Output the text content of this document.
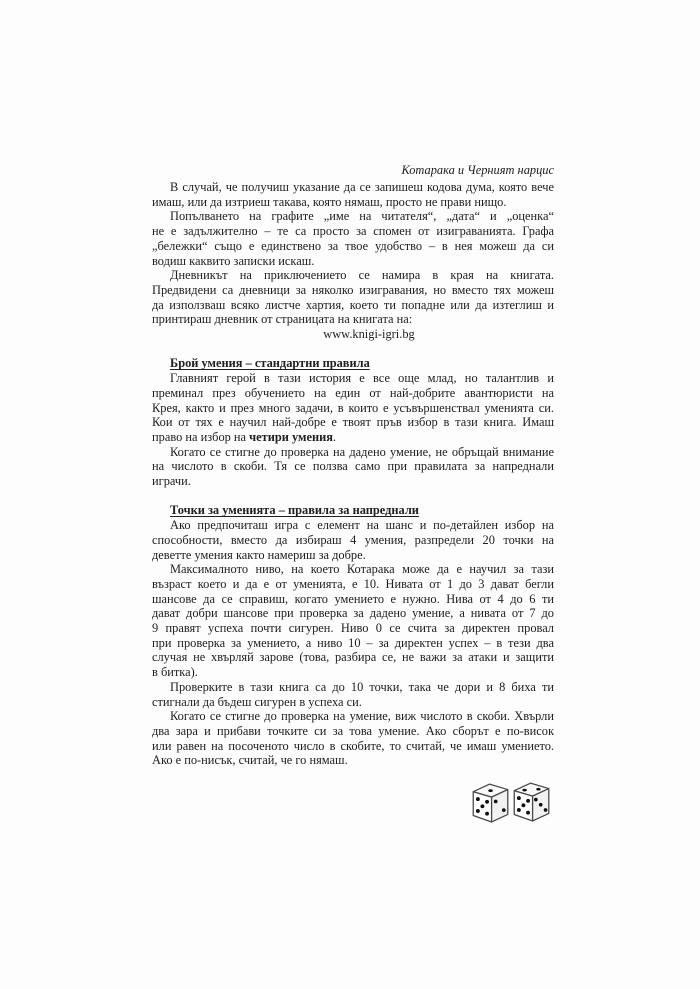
Котарака и Черният нарцис
В случай, че получиш указание да се запишеш кодова дума, която вече
имаш, или да изтриеш такава, която нямаш, просто не прави нищо.
Попълването на графите „име на читателя“, „дата“ и „оценка“
не е задължително – те са просто за спомен от изиграванията. Графа
„бележки“ също е единствено за твое удобство – в нея можеш да си
водиш каквито записки искаш.
Дневникът на приключението се намира в края на книгата.
Предвидени са дневници за няколко изигравания, но вместо тях можеш
да използваш всяко листче хартия, което ти попадне или да изтеглиш и
принтираш дневник от страницата на книгата на:
www.knigi-igri.bg
Брой умения – стандартни правила
Главният герой в тази история е все още млад, но талантлив и
преминал през обучението на един от най-добрите авантюристи на
Крея, както и през много задачи, в които е усъвършенствал уменията си.
Кои от тях е научил най-добре е твоят пръв избор в тази книга. Имаш
право на избор на четири умения.
Когато се стигне до проверка на дадено умение, не обръщай внимание
на числото в скоби. Тя се ползва само при правилата за напреднали
играчи.
Точки за уменията – правила за напреднали
Ако предпочиташ игра с елемент на шанс и по-детайлен избор на
способности, вместо да избираш 4 умения, разпредели 20 точки на
деветте умения както намериш за добре.
Максималното ниво, на което Котарака може да е научил за тази
възраст което и да е от уменията, е 10. Нивата от 1 до 3 дават бегли
шансове да се справиш, когато умението е нужно. Нива от 4 до 6 ти
дават добри шансове при проверка за дадено умение, а нивата от 7 до
9 правят успеха почти сигурен. Ниво 0 се счита за директен провал
при проверка за умението, а ниво 10 – за директен успех – в тези два
случая не хвърляй зарове (това, разбира се, не важи за атаки и защити
в битка).
Проверките в тази книга са до 10 точки, така че дори и 8 биха ти
стигнали да бъдеш сигурен в успеха си.
Когато се стигне до проверка на умение, виж числото в скоби. Хвърли
два зара и прибави точките си за това умение. Ако сборът е по-висок
или равен на посоченото число в скобите, то считай, че имаш умението.
Ако е по-нисък, считай, че го нямаш.
